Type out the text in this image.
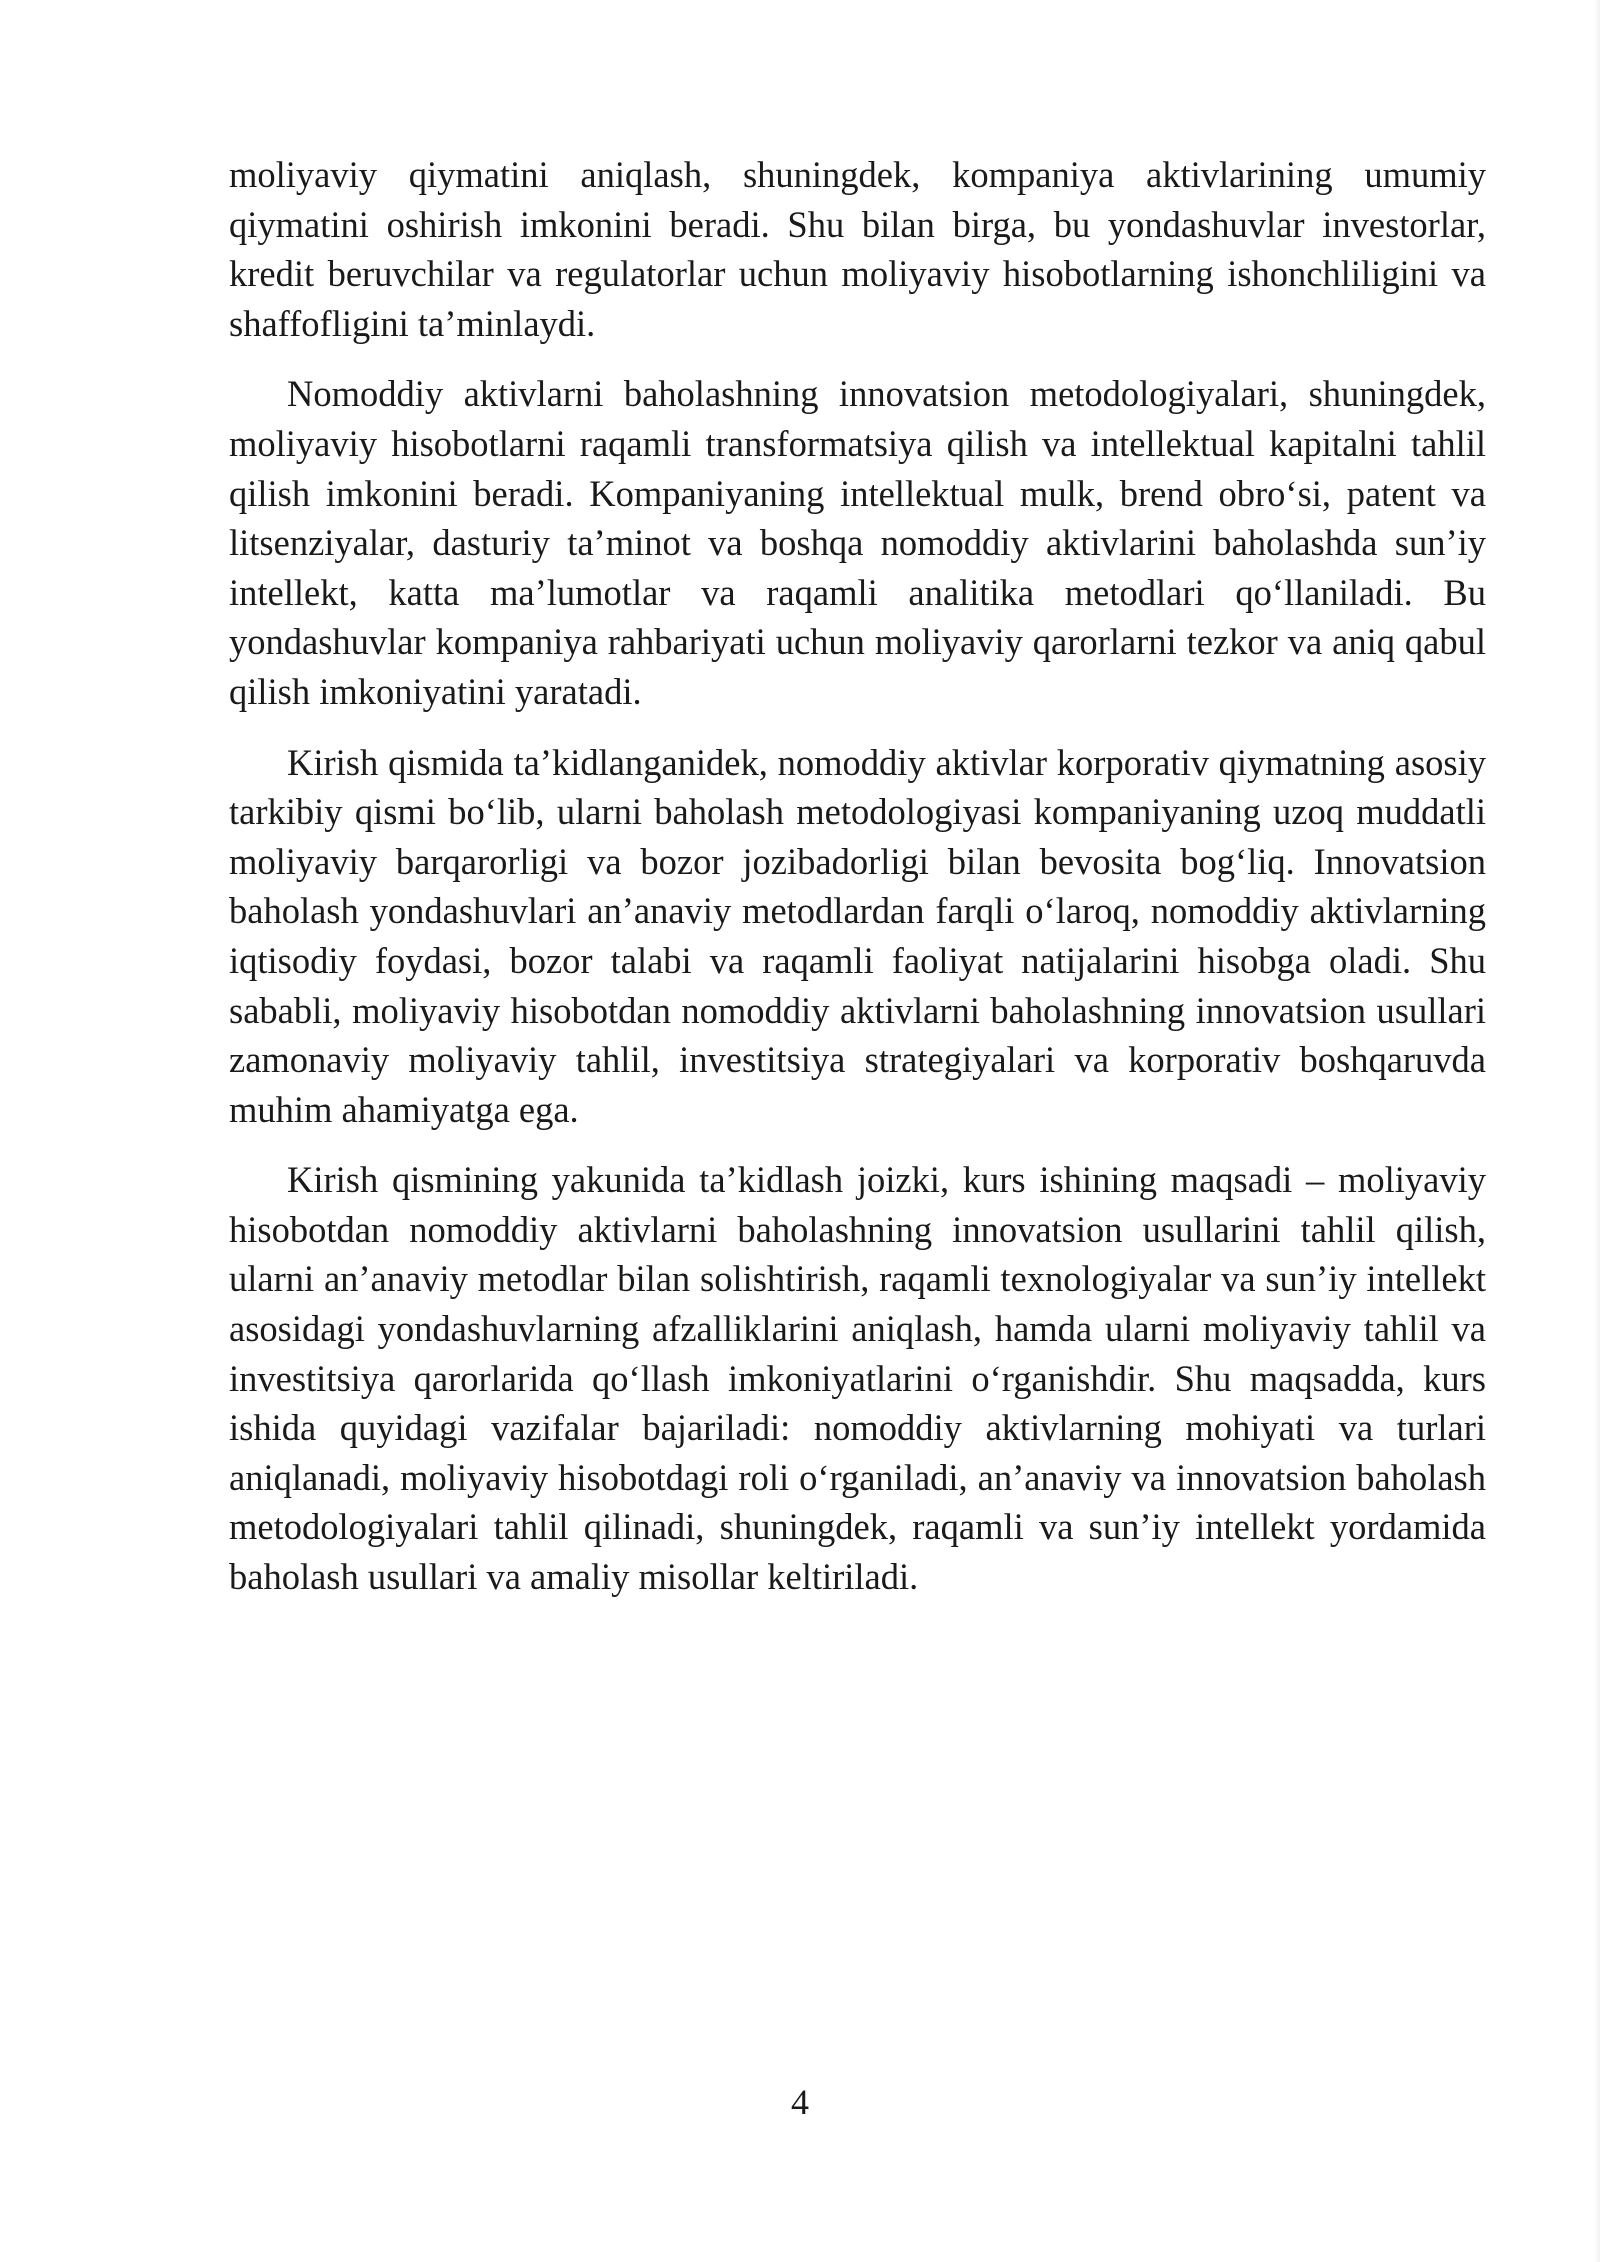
moliyaviy qiymatini aniqlash, shuningdek, kompaniya aktivlarining umumiy qiymatini oshirish imkonini beradi. Shu bilan birga, bu yondashuvlar investorlar, kredit beruvchilar va regulatorlar uchun moliyaviy hisobotlarning ishonchliligini va shaffofligini ta’minlaydi.

Nomoddiy aktivlarni baholashning innovatsion metodologiyalari, shuningdek, moliyaviy hisobotlarni raqamli transformatsiya qilish va intellektual kapitalni tahlil qilish imkonini beradi. Kompaniyaning intellektual mulk, brend obro‘si, patent va litsenziyalar, dasturiy ta’minot va boshqa nomoddiy aktivlarini baholashda sun’iy intellekt, katta ma’lumotlar va raqamli analitika metodlari qo‘llaniladi. Bu yondashuvlar kompaniya rahbariyati uchun moliyaviy qarorlarni tezkor va aniq qabul qilish imkoniyatini yaratadi.

Kirish qismida ta’kidlanganidek, nomoddiy aktivlar korporativ qiymatning asosiy tarkibiy qismi bo‘lib, ularni baholash metodologiyasi kompaniyaning uzoq muddatli moliyaviy barqarorligi va bozor jozibadorligi bilan bevosita bog‘liq. Innovatsion baholash yondashuvlari an’anaviy metodlardan farqli o‘laroq, nomoddiy aktivlarning iqtisodiy foydasi, bozor talabi va raqamli faoliyat natijalarini hisobga oladi. Shu sababli, moliyaviy hisobotdan nomoddiy aktivlarni baholashning innovatsion usullari zamonaviy moliyaviy tahlil, investitsiya strategiyalari va korporativ boshqaruvda muhim ahamiyatga ega.

Kirish qismining yakunida ta’kidlash joizki, kurs ishining maqsadi – moliyaviy hisobotdan nomoddiy aktivlarni baholashning innovatsion usullarini tahlil qilish, ularni an’anaviy metodlar bilan solishtirish, raqamli texnologiyalar va sun’iy intellekt asosidagi yondashuvlarning afzalliklarini aniqlash, hamda ularni moliyaviy tahlil va investitsiya qarorlarida qo‘llash imkoniyatlarini o‘rganishdir. Shu maqsadda, kurs ishida quyidagi vazifalar bajariladi: nomoddiy aktivlarning mohiyati va turlari aniqlanadi, moliyaviy hisobotdagi roli o‘rganiladi, an’anaviy va innovatsion baholash metodologiyalari tahlil qilinadi, shuningdek, raqamli va sun’iy intellekt yordamida baholash usullari va amaliy misollar keltiriladi.

4
